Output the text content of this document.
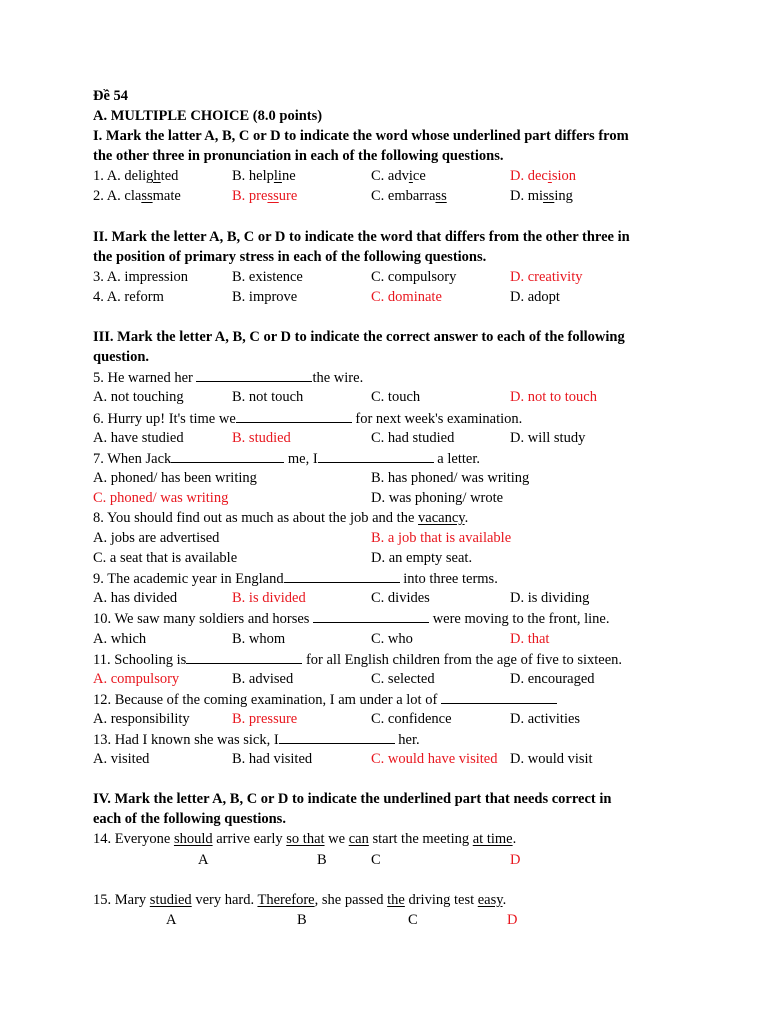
Đề 54
A. MULTIPLE CHOICE (8.0 points)
I. Mark the latter A, B, C or D to indicate the word whose underlined part differs from
the other three in pronunciation in each of the following questions.
1. A. delighted	B. helpline	C. advice	D. decision
2. A. classmate	B. pressure	C. embarrass	D. missing
II. Mark the letter A, B, C or D to indicate the word that differs from the other three in
the position of primary stress in each of the following questions.
3. A. impression	B. existence	C. compulsory	D. creativity
4. A. reform	B. improve	C. dominate	D. adopt
III. Mark the letter A, B, C or D to indicate the correct answer to each of the following
question.
5. He warned her	the wire.
A. not touching	B. not touch	C. touch	D. not to touch
6. Hurry up! It's time we	for next week's examination.
A. have studied	B. studied	C. had studied	D. will study
7. When Jack	me, I	a letter.
A. phoned/ has been writing	B. has phoned/ was writing
C. phoned/ was writing	D. was phoning/ wrote
8. You should find out as much as about the job and the vacancy.
A. jobs are advertised	B. a job that is available
C. a seat that is available	D. an empty seat.
9. The academic year in England	into three terms.
A. has divided	B. is divided	C. divides	D. is dividing
10. We saw many soldiers and horses	were moving to the front, line.
A. which	B. whom	C. who	D. that
11. Schooling is	for all English children from the age of five to sixteen.
A. compulsory	B. advised	C. selected	D. encouraged
12. Because of the coming examination, I am under a lot of
A. responsibility	B. pressure	C. confidence	D. activities
13. Had I known she was sick, I	her.
A. visited	B. had visited	C. would have visited D. would visit
IV. Mark the letter A, B, C or D to indicate the underlined part that needs correct in
each of the following questions.
14. Everyone should arrive early so that we can start the meeting at time.
A	B	C	D
15. Mary studied very hard. Therefore, she passed the driving test easy.
A	B	C	D
